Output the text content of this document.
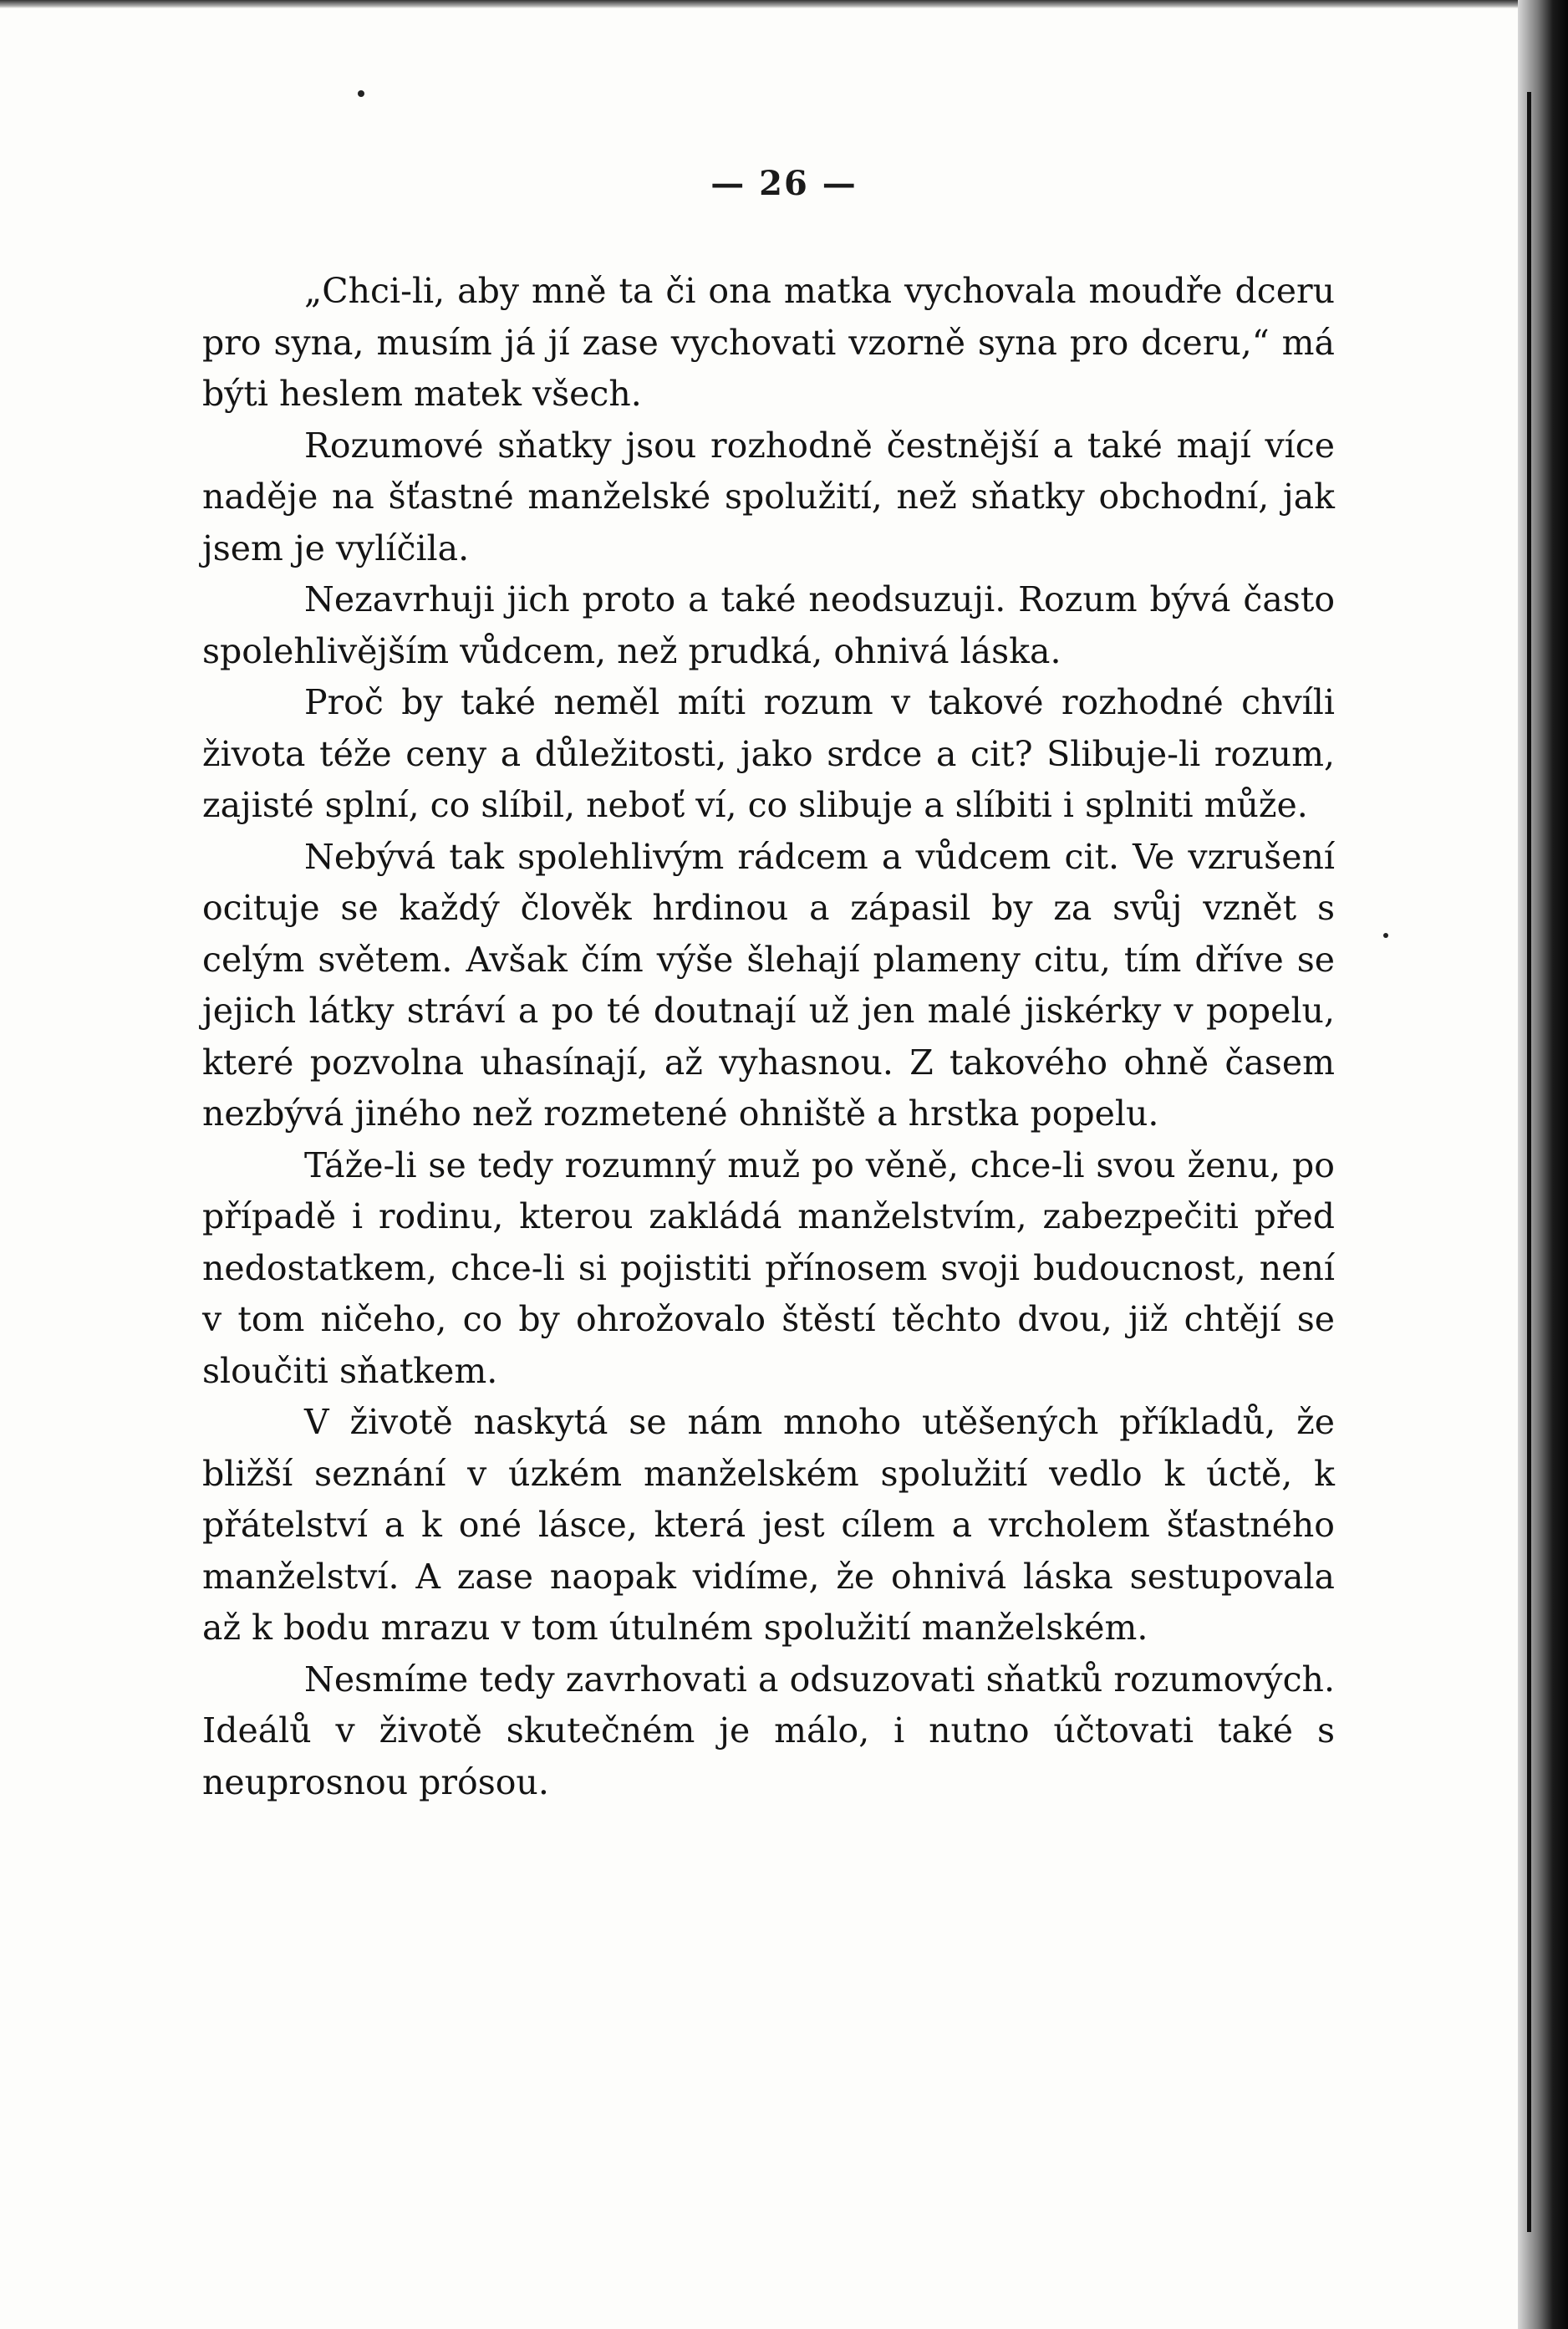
— 26 —

„Chci-li, aby mně ta či ona matka vychovala moudře dceru pro syna, musím já jí zase vychovati vzorně syna pro dceru,“ má býti heslem matek všech.

Rozumové sňatky jsou rozhodně čestnější a také mají více naděje na šťastné manželské spolužití, než sňatky obchodní, jak jsem je vylíčila.

Nezavrhuji jich proto a také neodsuzuji. Rozum bývá často spolehlivějším vůdcem, než prudká, ohnivá láska.

Proč by také neměl míti rozum v takové rozhodné chvíli života téže ceny a důležitosti, jako srdce a cit? Slibuje-li rozum, zajisté splní, co slíbil, neboť ví, co slibuje a slíbiti i splniti může.

Nebývá tak spolehlivým rádcem a vůdcem cit. Ve vzrušení ocituje se každý člověk hrdinou a zápasil by za svůj vznět s celým světem. Avšak čím výše šlehají plameny citu, tím dříve se jejich látky stráví a po té doutnají už jen malé jiskérky v popelu, které pozvolna uhasínají, až vyhasnou. Z takového ohně časem nezbývá jiného než rozmetené ohniště a hrstka popelu.

Táže-li se tedy rozumný muž po věně, chce-li svou ženu, po případě i rodinu, kterou zakládá manželstvím, zabezpečiti před nedostatkem, chce-li si pojistiti přínosem svoji budoucnost, není v tom ničeho, co by ohrožovalo štěstí těchto dvou, již chtějí se sloučiti sňatkem.

V životě naskytá se nám mnoho utěšených příkladů, že bližší seznání v úzkém manželském spolužití vedlo k úctě, k přátelství a k oné lásce, která jest cílem a vrcholem šťastného manželství. A zase naopak vidíme, že ohnivá láska sestupovala až k bodu mrazu v tom útulném spolužití manželském.

Nesmíme tedy zavrhovati a odsuzovati sňatků rozumových. Ideálů v životě skutečném je málo, i nutno účtovati také s neuprosnou prósou.
